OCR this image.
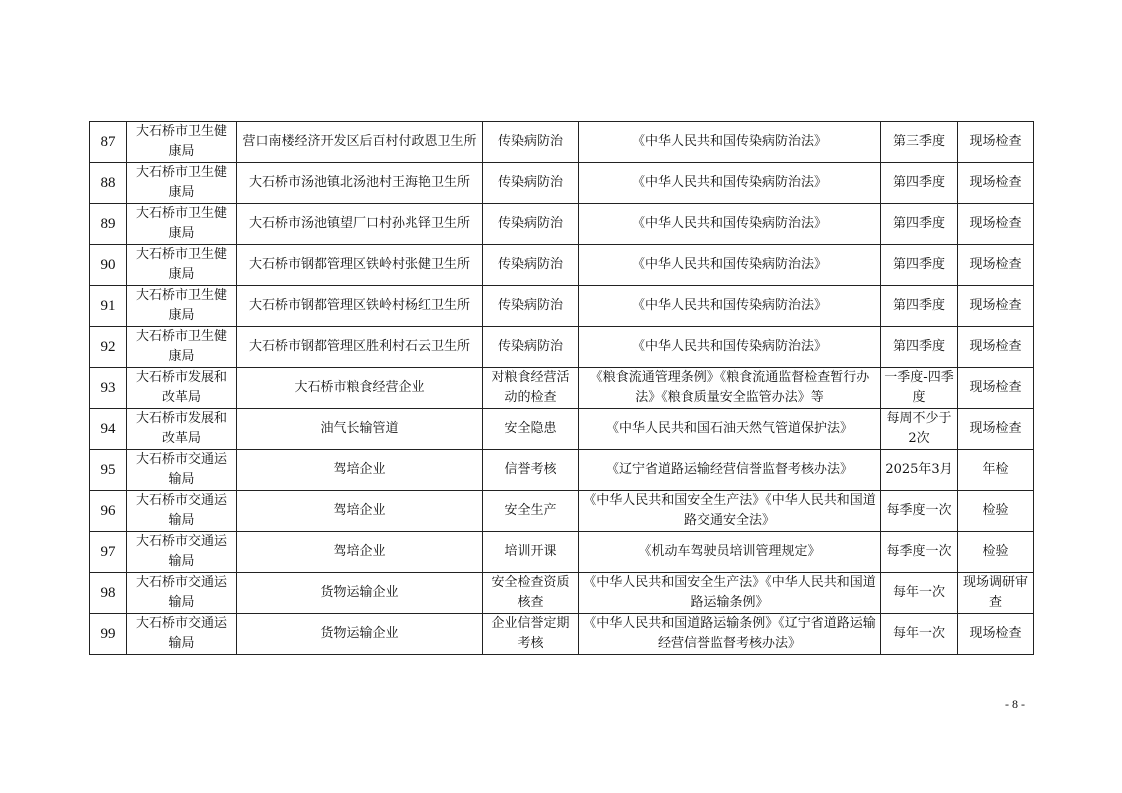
87	大石桥市卫生健康局	营口南楼经济开发区后百村付政恩卫生所	传染病防治	《中华人民共和国传染病防治法》	第三季度	现场检查
88	大石桥市卫生健康局	大石桥市汤池镇北汤池村王海艳卫生所	传染病防治	《中华人民共和国传染病防治法》	第四季度	现场检查
89	大石桥市卫生健康局	大石桥市汤池镇望厂口村孙兆铎卫生所	传染病防治	《中华人民共和国传染病防治法》	第四季度	现场检查
90	大石桥市卫生健康局	大石桥市钢都管理区铁岭村张健卫生所	传染病防治	《中华人民共和国传染病防治法》	第四季度	现场检查
91	大石桥市卫生健康局	大石桥市钢都管理区铁岭村杨红卫生所	传染病防治	《中华人民共和国传染病防治法》	第四季度	现场检查
92	大石桥市卫生健康局	大石桥市钢都管理区胜利村石云卫生所	传染病防治	《中华人民共和国传染病防治法》	第四季度	现场检查
93	大石桥市发展和改革局	大石桥市粮食经营企业	对粮食经营活动的检查	《粮食流通管理条例》《粮食流通监督检查暂行办法》《粮食质量安全监管办法》等	一季度-四季度	现场检查
94	大石桥市发展和改革局	油气长输管道	安全隐患	《中华人民共和国石油天然气管道保护法》	每周不少于2次	现场检查
95	大石桥市交通运输局	驾培企业	信誉考核	《辽宁省道路运输经营信誉监督考核办法》	2025年3月	年检
96	大石桥市交通运输局	驾培企业	安全生产	《中华人民共和国安全生产法》《中华人民共和国道路交通安全法》	每季度一次	检验
97	大石桥市交通运输局	驾培企业	培训开课	《机动车驾驶员培训管理规定》	每季度一次	检验
98	大石桥市交通运输局	货物运输企业	安全检查资质核查	《中华人民共和国安全生产法》《中华人民共和国道路运输条例》	每年一次	现场调研审查
99	大石桥市交通运输局	货物运输企业	企业信誉定期考核	《中华人民共和国道路运输条例》《辽宁省道路运输经营信誉监督考核办法》	每年一次	现场检查
- 8 -
